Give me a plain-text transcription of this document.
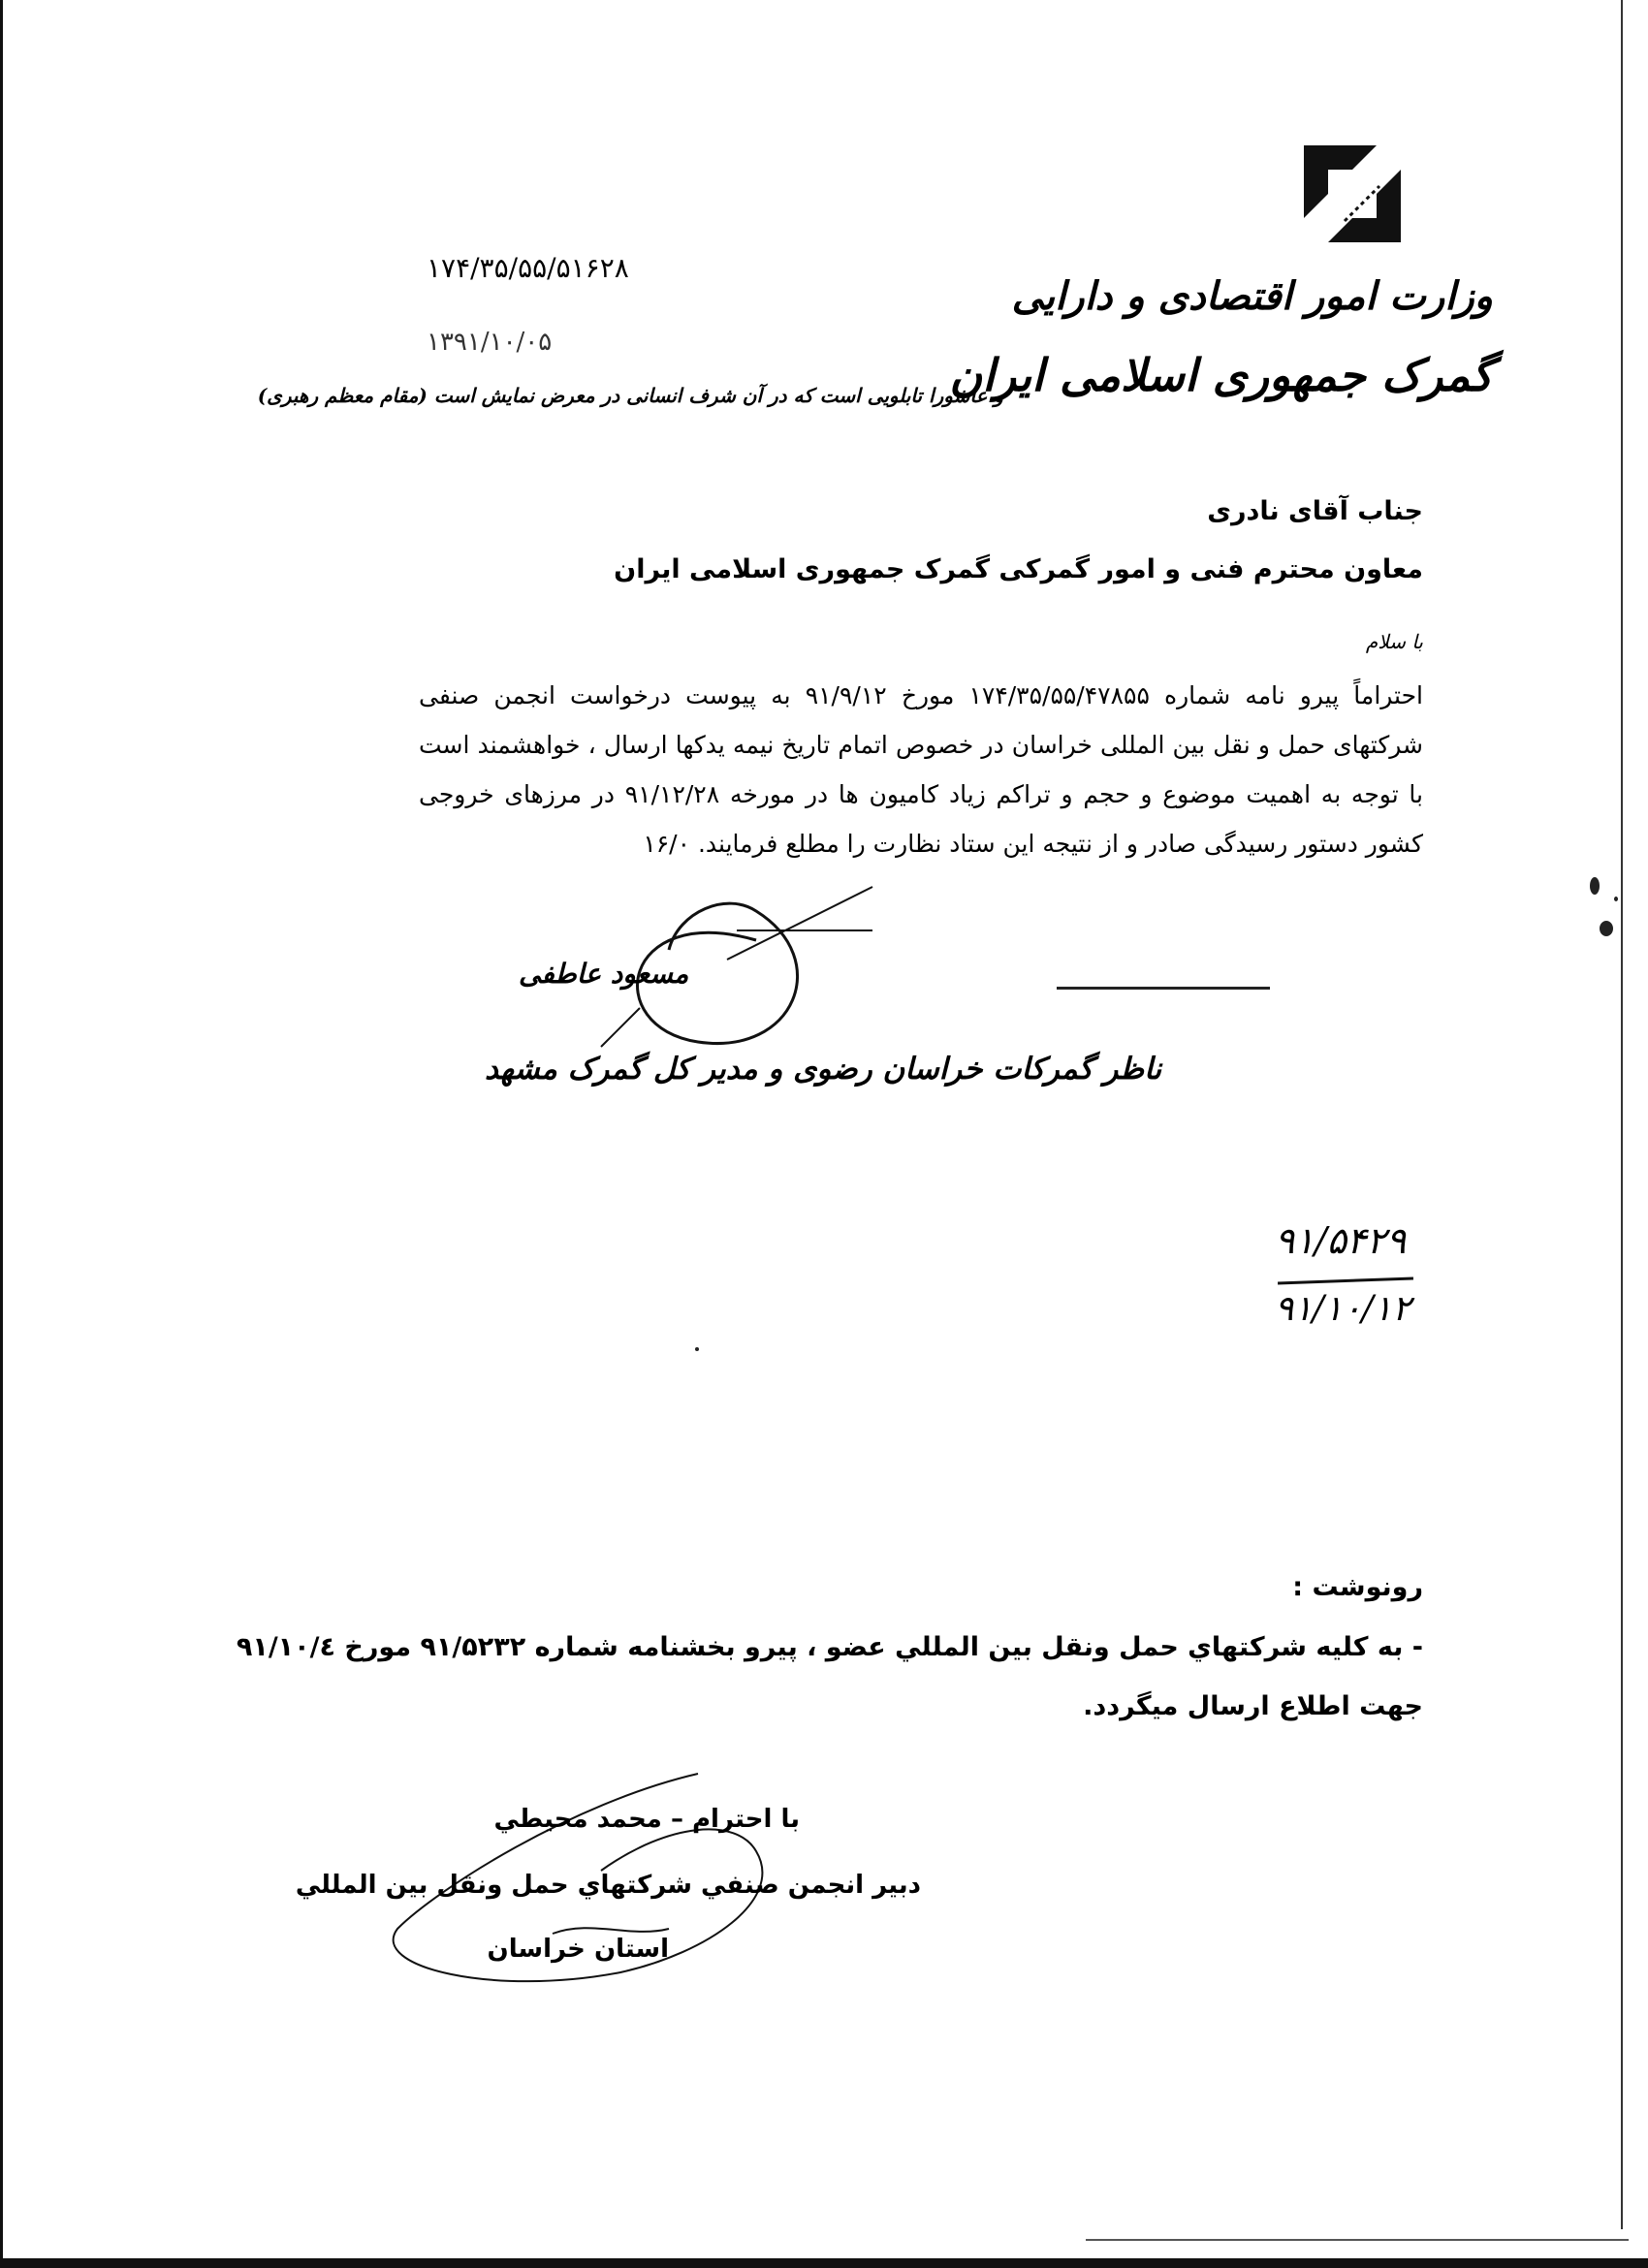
وزارت امور اقتصادی و دارایی
گمرک جمهوری اسلامی ایران
۱۷۴/۳۵/۵۵/۵۱۶۲۸
۱۳۹۱/۱۰/۰۵
و عاشورا تابلویی است که در آن شرف انسانی در معرض نمایش است (مقام معظم رهبری)
جناب آقای نادری
معاون محترم فنی و امور گمرکی گمرک جمهوری اسلامی ایران
با سلام
احتراماً پیرو نامه شماره ۱۷۴/۳۵/۵۵/۴۷۸۵۵ مورخ ۹۱/۹/۱۲ به پیوست درخواست انجمن صنفی شرکتهای حمل و نقل بین المللی خراسان در خصوص اتمام تاریخ نیمه یدکها ارسال ، خواهشمند است با توجه به اهمیت موضوع و حجم و تراکم زیاد کامیون ها در مورخه ۹۱/۱۲/۲۸ در مرزهای خروجی کشور دستور رسیدگی صادر و از نتیجه این ستاد نظارت را مطلع فرمایند. ۱۶/۰
مسعود عاطفی
ناظر گمرکات خراسان رضوی و مدیر کل گمرک مشهد
۹۱/۵۴۲۹
۹۱/۱۰/۱۲
رونوشت :
- به کلیه شرکتهاي حمل ونقل بین المللي عضو ، پیرو بخشنامه شماره ۹۱/۵۲۳۲ مورخ ۹۱/۱۰/٤
جهت اطلاع ارسال میگردد.
با احترام – محمد محیطي
دبیر انجمن صنفي شرکتهاي حمل ونقل بین المللي
استان خراسان
